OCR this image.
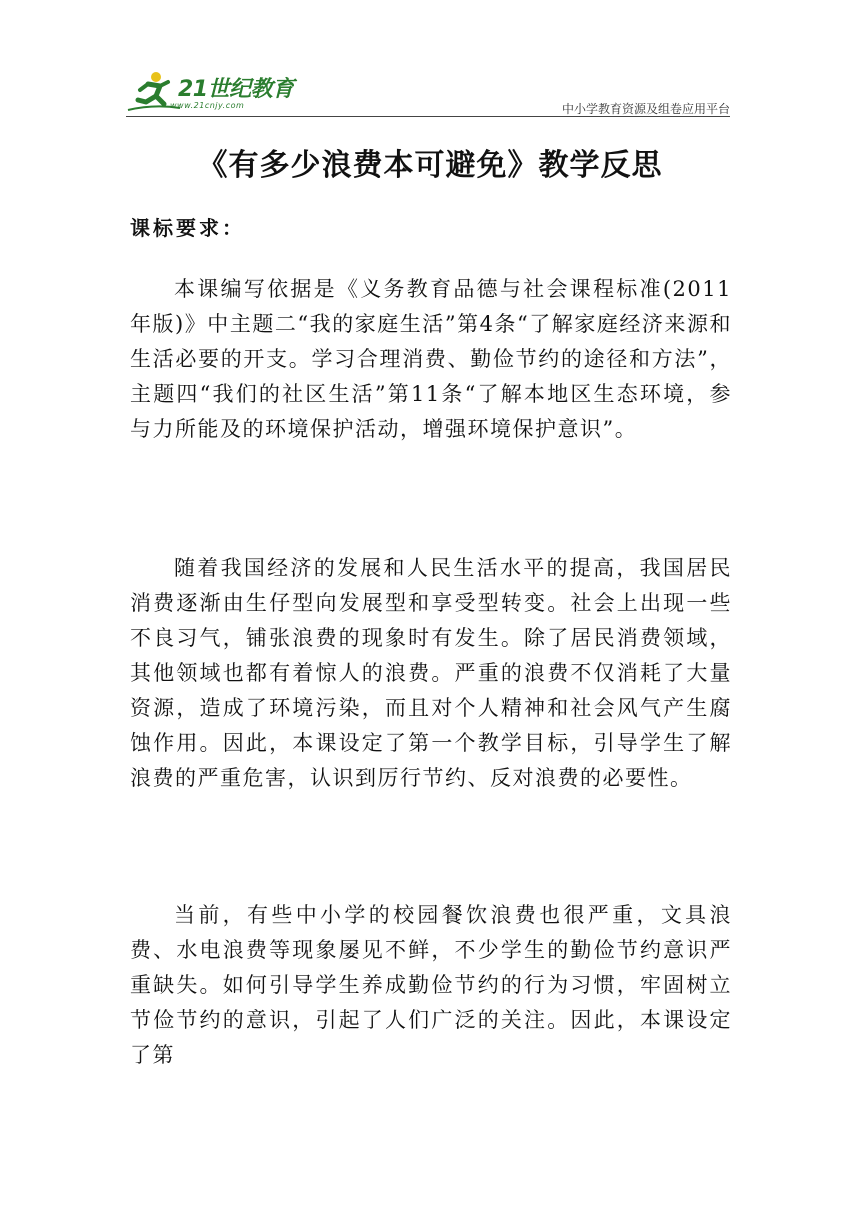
21世纪教育
www.21cnjy.com	中小学教育资源及组卷应用平台
《有多少浪费本可避免》教学反思
课标要求：

本课编写依据是《义务教育品德与社会课程标准(2011年版)》中主题二“我的家庭生活”第4条“了解家庭经济来源和生活必要的开支。学习合理消费、勤俭节约的途径和方法”，主题四“我们的社区生活”第11条“了解本地区生态环境，参与力所能及的环境保护活动，增强环境保护意识”。

随着我国经济的发展和人民生活水平的提高，我国居民消费逐渐由生仔型向发展型和享受型转变。社会上出现一些不良习气，铺张浪费的现象时有发生。除了居民消费领域，其他领域也都有着惊人的浪费。严重的浪费不仅消耗了大量资源，造成了环境污染，而且对个人精神和社会风气产生腐蚀作用。因此，本课设定了第一个教学目标，引导学生了解浪费的严重危害，认识到厉行节约、反对浪费的必要性。

当前，有些中小学的校园餐饮浪费也很严重，文具浪费、水电浪费等现象屡见不鲜，不少学生的勤俭节约意识严重缺失。如何引导学生养成勤俭节约的行为习惯，牢固树立节俭节约的意识，引起了人们广泛的关注。因此，本课设定了第
